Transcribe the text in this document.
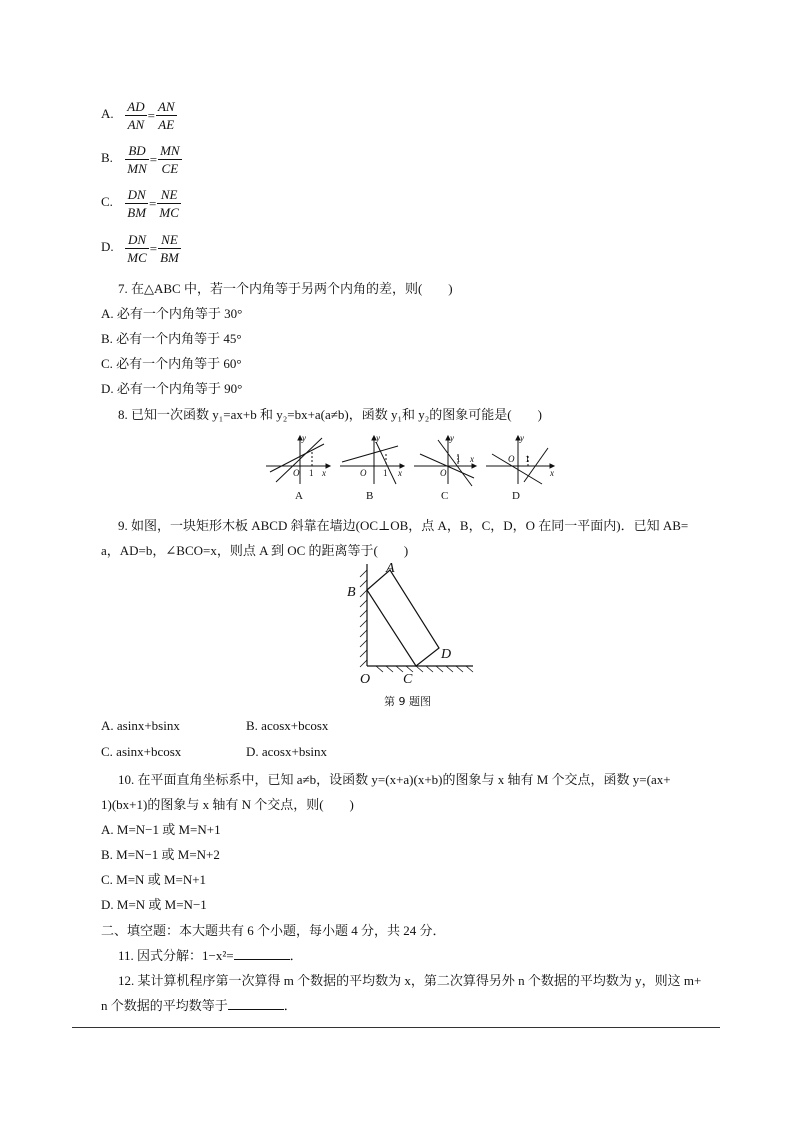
A. $\frac{AD}{AN} = \frac{AN}{AE}$
B. $\frac{BD}{MN} = \frac{MN}{CE}$
C. $\frac{DN}{BM} = \frac{NE}{MC}$
D. $\frac{DN}{MC} = \frac{NE}{BM}$
7. 在△ABC 中，若一个内角等于另两个内角的差，则(　　)
A. 必有一个内角等于 30°
B. 必有一个内角等于 45°
C. 必有一个内角等于 60°
D. 必有一个内角等于 90°
8. 已知一次函数 y₁=ax+b 和 y₂=bx+a(a≠b)，函数 y₁和 y₂的图象可能是(　　)
y
x
O 1
y
x
O 1
y
x
O
1
y
x
O 1
A	B	C	D
9. 如图，一块矩形木板 ABCD 斜靠在墙边(OC⊥OB，点 A，B，C，D，O 在同一平面内)．已知 AB=
a，AD=b，∠BCO=x，则点 A 到 OC 的距离等于(　　)
A
B
C
D
O
第 9 题图
A. asinx+bsinx	B. acosx+bcosx
C. asinx+bcosx	D. acosx+bsinx
10. 在平面直角坐标系中，已知 a≠b，设函数 y=(x+a)(x+b)的图象与 x 轴有 M 个交点，函数 y=(ax+
1)(bx+1)的图象与 x 轴有 N 个交点，则(　　)
A. M=N−1 或 M=N+1
B. M=N−1 或 M=N+2
C. M=N 或 M=N+1
D. M=N 或 M=N−1
二、填空题：本大题共有 6 个小题，每小题 4 分，共 24 分．
11. 因式分解：1−x²=	．
12. 某计算机程序第一次算得 m 个数据的平均数为 x，第二次算得另外 n 个数据的平均数为 y，则这 m+
n 个数据的平均数等于	．
